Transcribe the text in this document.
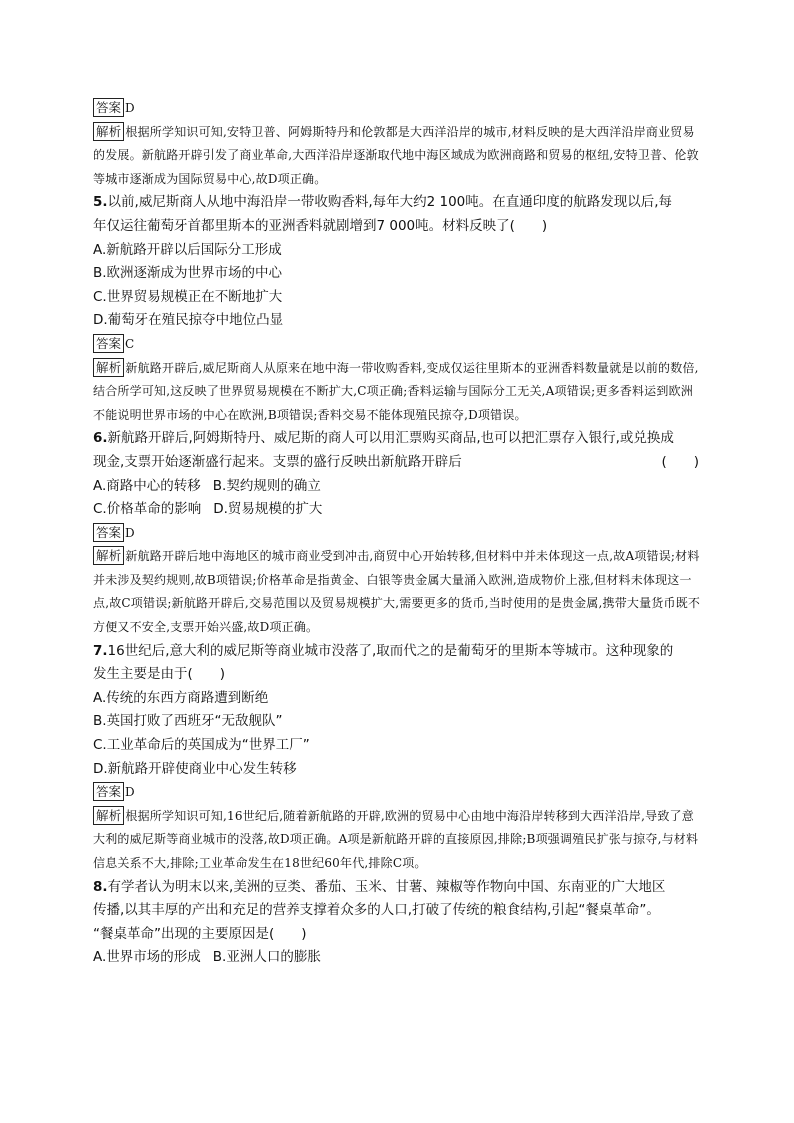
答案 D
解析 根据所学知识可知,安特卫普、阿姆斯特丹和伦敦都是大西洋沿岸的城市,材料反映的是大西洋沿岸商业贸易的发展。新航路开辟引发了商业革命,大西洋沿岸逐渐取代地中海区域成为欧洲商路和贸易的枢纽,安特卫普、伦敦等城市逐渐成为国际贸易中心,故D项正确。
5.以前,威尼斯商人从地中海沿岸一带收购香料,每年大约2 100吨。在直通印度的航路发现以后,每
年仅运往葡萄牙首都里斯本的亚洲香料就剧增到7 000吨。材料反映了(　　)
A.新航路开辟以后国际分工形成
B.欧洲逐渐成为世界市场的中心
C.世界贸易规模正在不断地扩大
D.葡萄牙在殖民掠夺中地位凸显
答案 C
解析 新航路开辟后,威尼斯商人从原来在地中海一带收购香料,变成仅运往里斯本的亚洲香料数量就是以前的数倍,结合所学可知,这反映了世界贸易规模在不断扩大,C项正确;香料运输与国际分工无关,A项错误;更多香料运到欧洲不能说明世界市场的中心在欧洲,B项错误;香料交易不能体现殖民掠夺,D项错误。
6.新航路开辟后,阿姆斯特丹、威尼斯的商人可以用汇票购买商品,也可以把汇票存入银行,或兑换成
现金,支票开始逐渐盛行起来。支票的盛行反映出新航路开辟后	(　　)
A.商路中心的转移 B.契约规则的确立
C.价格革命的影响 D.贸易规模的扩大
答案 D
解析 新航路开辟后地中海地区的城市商业受到冲击,商贸中心开始转移,但材料中并未体现这一点,故A项错误;材料并未涉及契约规则,故B项错误;价格革命是指黄金、白银等贵金属大量涌入欧洲,造成物价上涨,但材料未体现这一点,故C项错误;新航路开辟后,交易范围以及贸易规模扩大,需要更多的货币,当时使用的是贵金属,携带大量货币既不方便又不安全,支票开始兴盛,故D项正确。
7.16世纪后,意大利的威尼斯等商业城市没落了,取而代之的是葡萄牙的里斯本等城市。这种现象的
发生主要是由于(　　)
A.传统的东西方商路遭到断绝
B.英国打败了西班牙“无敌舰队”
C.工业革命后的英国成为“世界工厂”
D.新航路开辟使商业中心发生转移
答案 D
解析 根据所学知识可知,16世纪后,随着新航路的开辟,欧洲的贸易中心由地中海沿岸转移到大西洋沿岸,导致了意大利的威尼斯等商业城市的没落,故D项正确。A项是新航路开辟的直接原因,排除;B项强调殖民扩张与掠夺,与材料信息关系不大,排除;工业革命发生在18世纪60年代,排除C项。
8.有学者认为明末以来,美洲的豆类、番茄、玉米、甘薯、辣椒等作物向中国、东南亚的广大地区
传播,以其丰厚的产出和充足的营养支撑着众多的人口,打破了传统的粮食结构,引起“餐桌革命”。
“餐桌革命”出现的主要原因是(　　)
A.世界市场的形成 B.亚洲人口的膨胀
